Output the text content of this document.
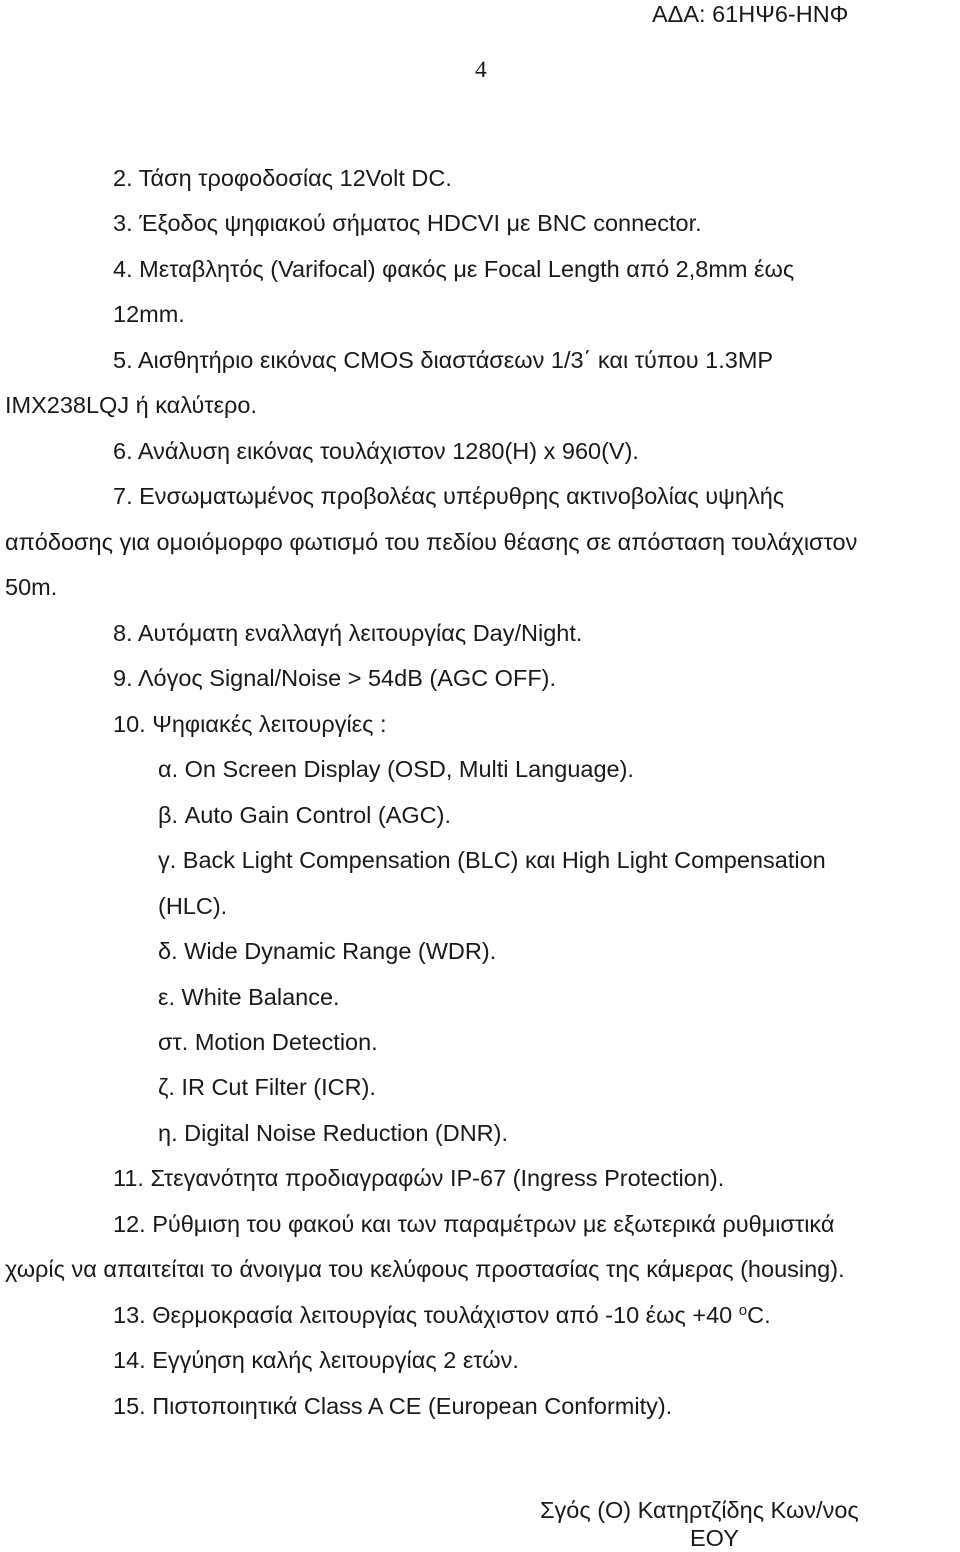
ΑΔΑ: 61ΗΨ6-ΗΝΦ
4
2. Τάση τροφοδοσίας 12Volt DC.
3. Έξοδος ψηφιακού σήματος HDCVI με BNC connector.
4. Μεταβλητός (Varifocal) φακός με Focal Length από 2,8mm έως
12mm.
5. Αισθητήριο εικόνας CMOS διαστάσεων 1/3΄ και τύπου 1.3MP
IMX238LQJ ή καλύτερο.
6. Ανάλυση εικόνας τουλάχιστον 1280(H) x 960(V).
7. Ενσωματωμένος προβολέας υπέρυθρης ακτινοβολίας υψηλής
απόδοσης για ομοιόμορφο φωτισμό του πεδίου θέασης σε απόσταση τουλάχιστον
50m.
8. Αυτόματη εναλλαγή λειτουργίας Day/Night.
9. Λόγος Signal/Noise > 54dB (AGC OFF).
10. Ψηφιακές λειτουργίες :
α. On Screen Display (OSD, Multi Language).
β. Auto Gain Control (AGC).
γ. Back Light Compensation (BLC) και High Light Compensation
(HLC).
δ. Wide Dynamic Range (WDR).
ε. White Balance.
στ. Motion Detection.
ζ. IR Cut Filter (ICR).
η. Digital Noise Reduction (DNR).
11. Στεγανότητα προδιαγραφών IP-67 (Ingress Protection).
12. Ρύθμιση του φακού και των παραμέτρων με εξωτερικά ρυθμιστικά
χωρίς να απαιτείται το άνοιγμα του κελύφους προστασίας της κάμερας (housing).
13. Θερμοκρασία λειτουργίας τουλάχιστον από -10 έως +40 $^o$C.
14. Εγγύηση καλής λειτουργίας 2 ετών.
15. Πιστοποιητικά Class A CE (European Conformity).
Σγός (Ο) Κατηρτζίδης Κων/νος
ΕΟΥ
